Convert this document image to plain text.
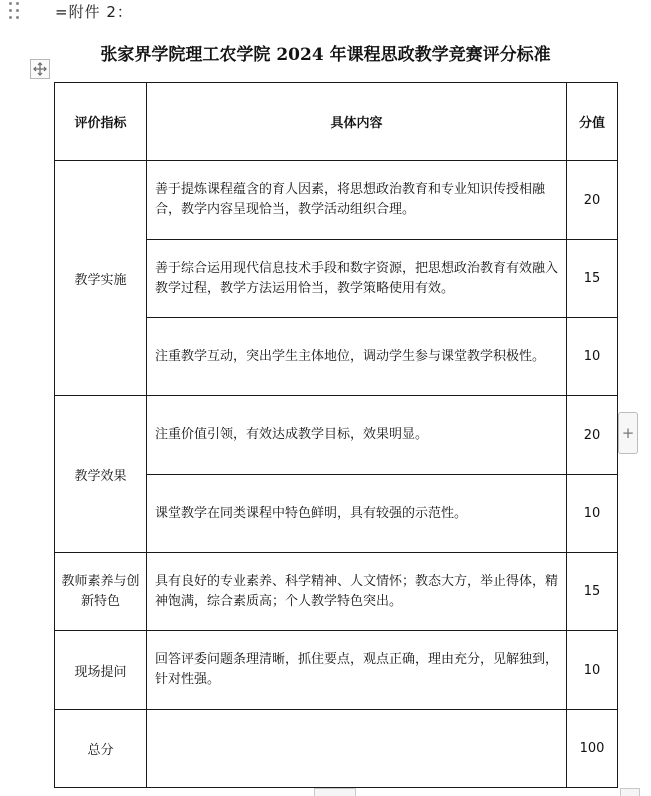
=附件 2：
张家界学院理工农学院 2024 年课程思政教学竞赛评分标准
评价指标	具体内容	分值
教学实施	善于提炼课程蕴含的育人因素，将思想政治教育和专业知识传授相融合，教学内容呈现恰当，教学活动组织合理。	20
	善于综合运用现代信息技术手段和数字资源，把思想政治教育有效融入教学过程，教学方法运用恰当，教学策略使用有效。	15
	注重教学互动，突出学生主体地位，调动学生参与课堂教学积极性。	10
教学效果	注重价值引领，有效达成教学目标，效果明显。	20
	课堂教学在同类课程中特色鲜明，具有较强的示范性。	10
教师素养与创新特色	具有良好的专业素养、科学精神、人文情怀；教态大方，举止得体，精神饱满，综合素质高；个人教学特色突出。	15
现场提问	回答评委问题条理清晰，抓住要点，观点正确，理由充分，见解独到，针对性强。	10
总分		100
+
